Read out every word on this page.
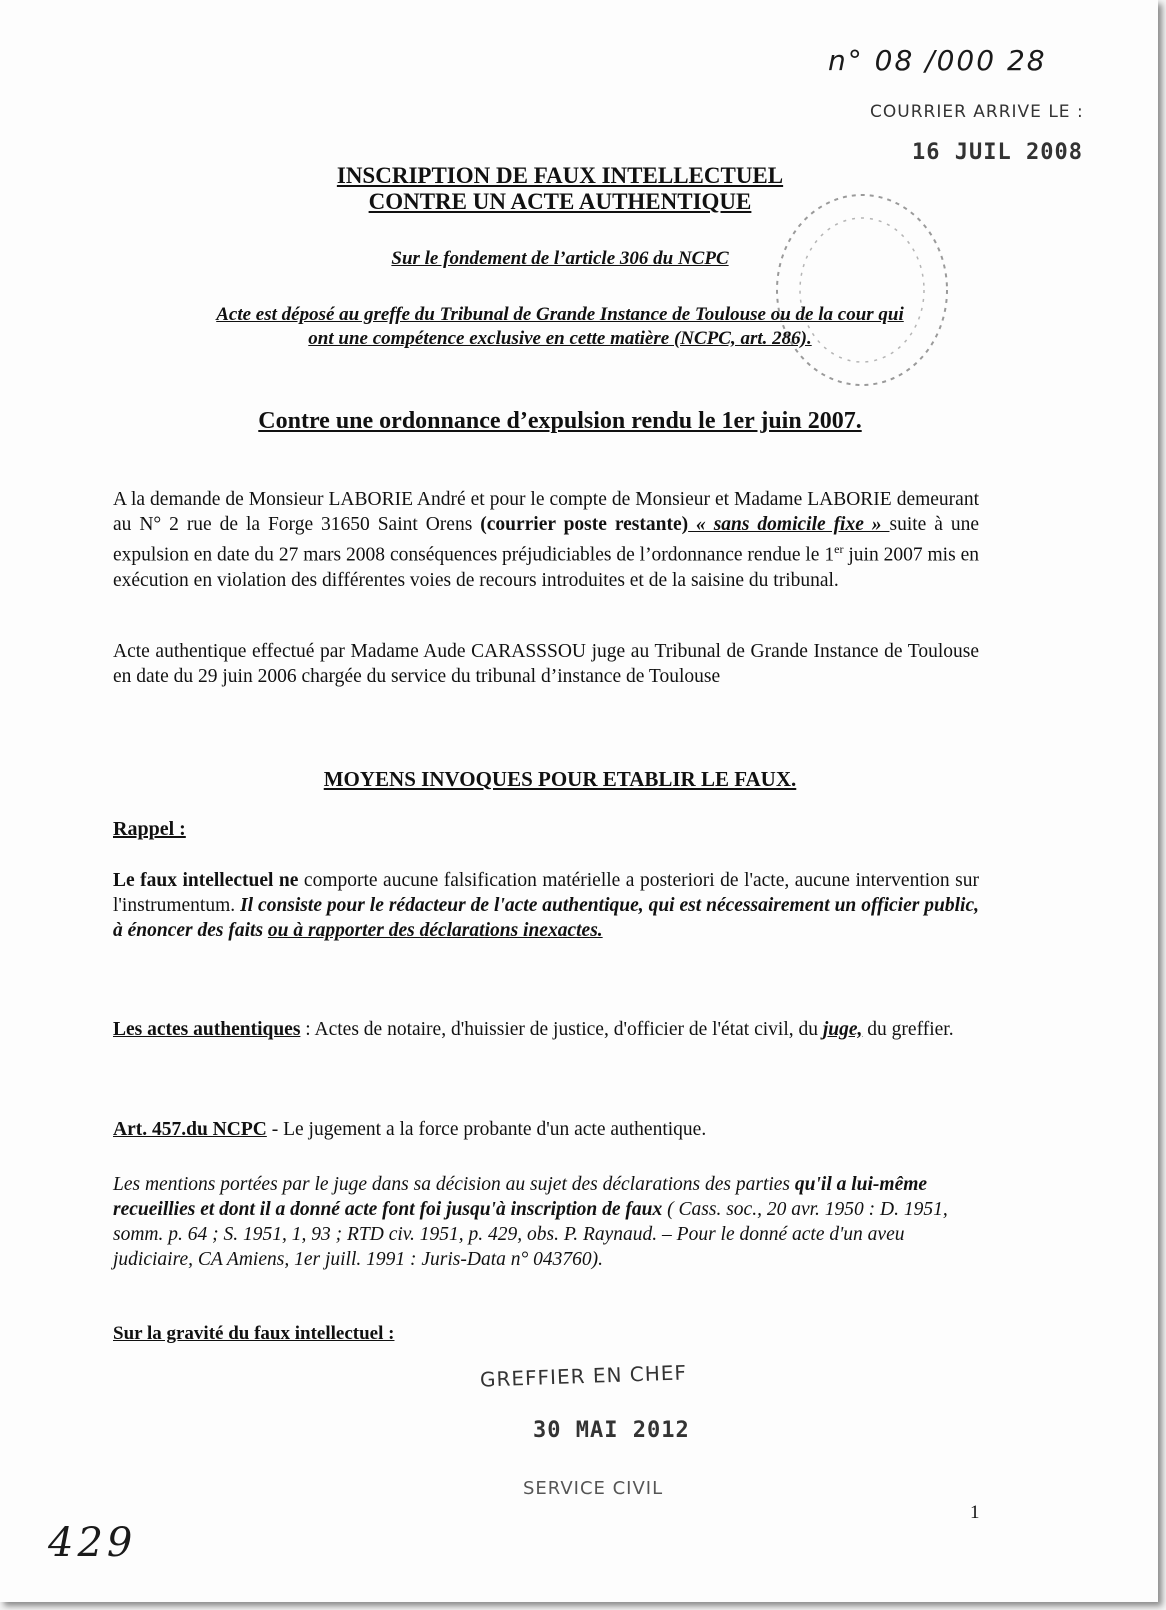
n° 08 /000 28
COURRIER ARRIVE LE :
16 JUIL 2008
INSCRIPTION DE FAUX INTELLECTUEL
CONTRE UN ACTE AUTHENTIQUE
Sur le fondement de l’article 306 du NCPC
Acte est déposé au greffe du Tribunal de Grande Instance de Toulouse ou de la cour qui
ont une compétence exclusive en cette matière (NCPC, art. 286).
Contre une ordonnance d’expulsion rendu le 1er juin 2007.
A la demande de Monsieur LABORIE André et pour le compte de Monsieur et Madame LABORIE demeurant au N° 2 rue de la Forge 31650 Saint Orens (courrier poste restante) « sans domicile fixe » suite à une expulsion en date du 27 mars 2008 conséquences préjudiciables de l’ordonnance rendue le 1er juin 2007 mis en exécution en violation des différentes voies de recours introduites et de la saisine du tribunal.
Acte authentique effectué par Madame Aude CARASSSOU juge au Tribunal de Grande Instance de Toulouse en date du 29 juin 2006 chargée du service du tribunal d’instance de Toulouse
MOYENS INVOQUES POUR ETABLIR LE FAUX.
Rappel :
Le faux intellectuel ne comporte aucune falsification matérielle a posteriori de l'acte, aucune intervention sur l'instrumentum. Il consiste pour le rédacteur de l'acte authentique, qui est nécessairement un officier public, à énoncer des faits ou à rapporter des déclarations inexactes.
Les actes authentiques : Actes de notaire, d'huissier de justice, d'officier de l'état civil, du juge, du greffier.
Art. 457.du NCPC - Le jugement a la force probante d'un acte authentique.
Les mentions portées par le juge dans sa décision au sujet des déclarations des parties qu'il a lui-même recueillies et dont il a donné acte font foi jusqu'à inscription de faux ( Cass. soc., 20 avr. 1950 : D. 1951, somm. p. 64 ; S. 1951, 1, 93 ; RTD civ. 1951, p. 429, obs. P. Raynaud. – Pour le donné acte d'un aveu judiciaire, CA Amiens, 1er juill. 1991 : Juris-Data n° 043760).
Sur la gravité du faux intellectuel :
GREFFIER EN CHEF
30 MAI 2012
SERVICE CIVIL
1
429
